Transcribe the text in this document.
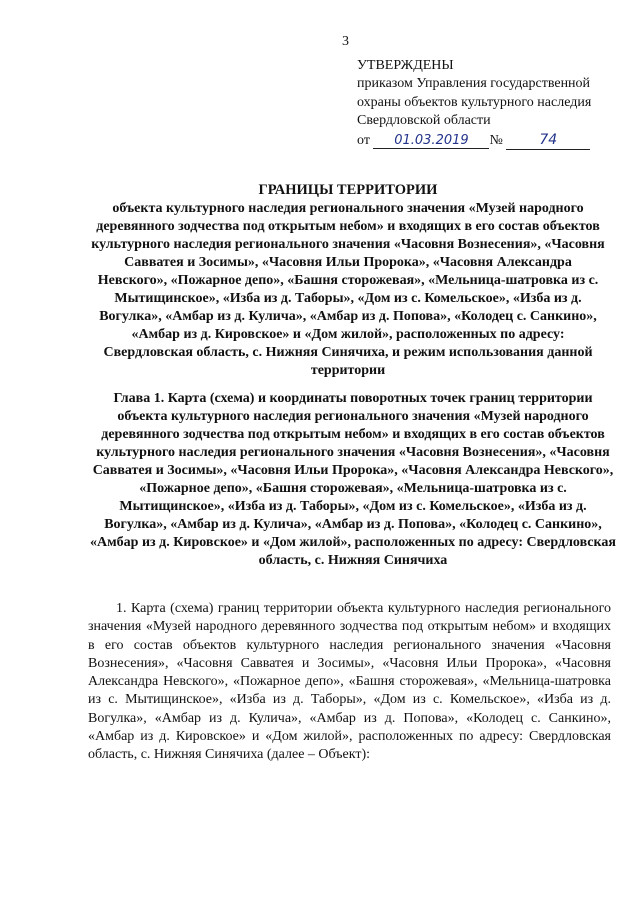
3
УТВЕРЖДЕНЫ
приказом Управления государственной
охраны объектов культурного наследия
Свердловской области
от 01.03.2019 №	74
ГРАНИЦЫ ТЕРРИТОРИИ
объекта культурного наследия регионального значения «Музей народного деревянного зодчества под открытым небом» и входящих в его состав объектов культурного наследия регионального значения «Часовня Вознесения», «Часовня Савватея и Зосимы», «Часовня Ильи Пророка», «Часовня Александра Невского», «Пожарное депо», «Башня сторожевая», «Мельница-шатровка из с. Мытищинское», «Изба из д. Таборы», «Дом из с. Комельское», «Изба из д. Вогулка», «Амбар из д. Кулича», «Амбар из д. Попова», «Колодец с. Санкино», «Амбар из д. Кировское» и «Дом жилой», расположенных по адресу: Свердловская область, с. Нижняя Синячиха, и режим использования данной территории
Глава 1. Карта (схема) и координаты поворотных точек границ территории объекта культурного наследия регионального значения «Музей народного деревянного зодчества под открытым небом» и входящих в его состав объектов культурного наследия регионального значения «Часовня Вознесения», «Часовня Савватея и Зосимы», «Часовня Ильи Пророка», «Часовня Александра Невского», «Пожарное депо», «Башня сторожевая», «Мельница-шатровка из с. Мытищинское», «Изба из д. Таборы», «Дом из с. Комельское», «Изба из д. Вогулка», «Амбар из д. Кулича», «Амбар из д. Попова», «Колодец с. Санкино», «Амбар из д. Кировское» и «Дом жилой», расположенных по адресу: Свердловская область, с. Нижняя Синячиха
1. Карта (схема) границ территории объекта культурного наследия регионального значения «Музей народного деревянного зодчества под открытым небом» и входящих в его состав объектов культурного наследия регионального значения «Часовня Вознесения», «Часовня Савватея и Зосимы», «Часовня Ильи Пророка», «Часовня Александра Невского», «Пожарное депо», «Башня сторожевая», «Мельница-шатровка из с. Мытищинское», «Изба из д. Таборы», «Дом из с. Комельское», «Изба из д. Вогулка», «Амбар из д. Кулича», «Амбар из д. Попова», «Колодец с. Санкино», «Амбар из д. Кировское» и «Дом жилой», расположенных по адресу: Свердловская область, с. Нижняя Синячиха (далее – Объект):
